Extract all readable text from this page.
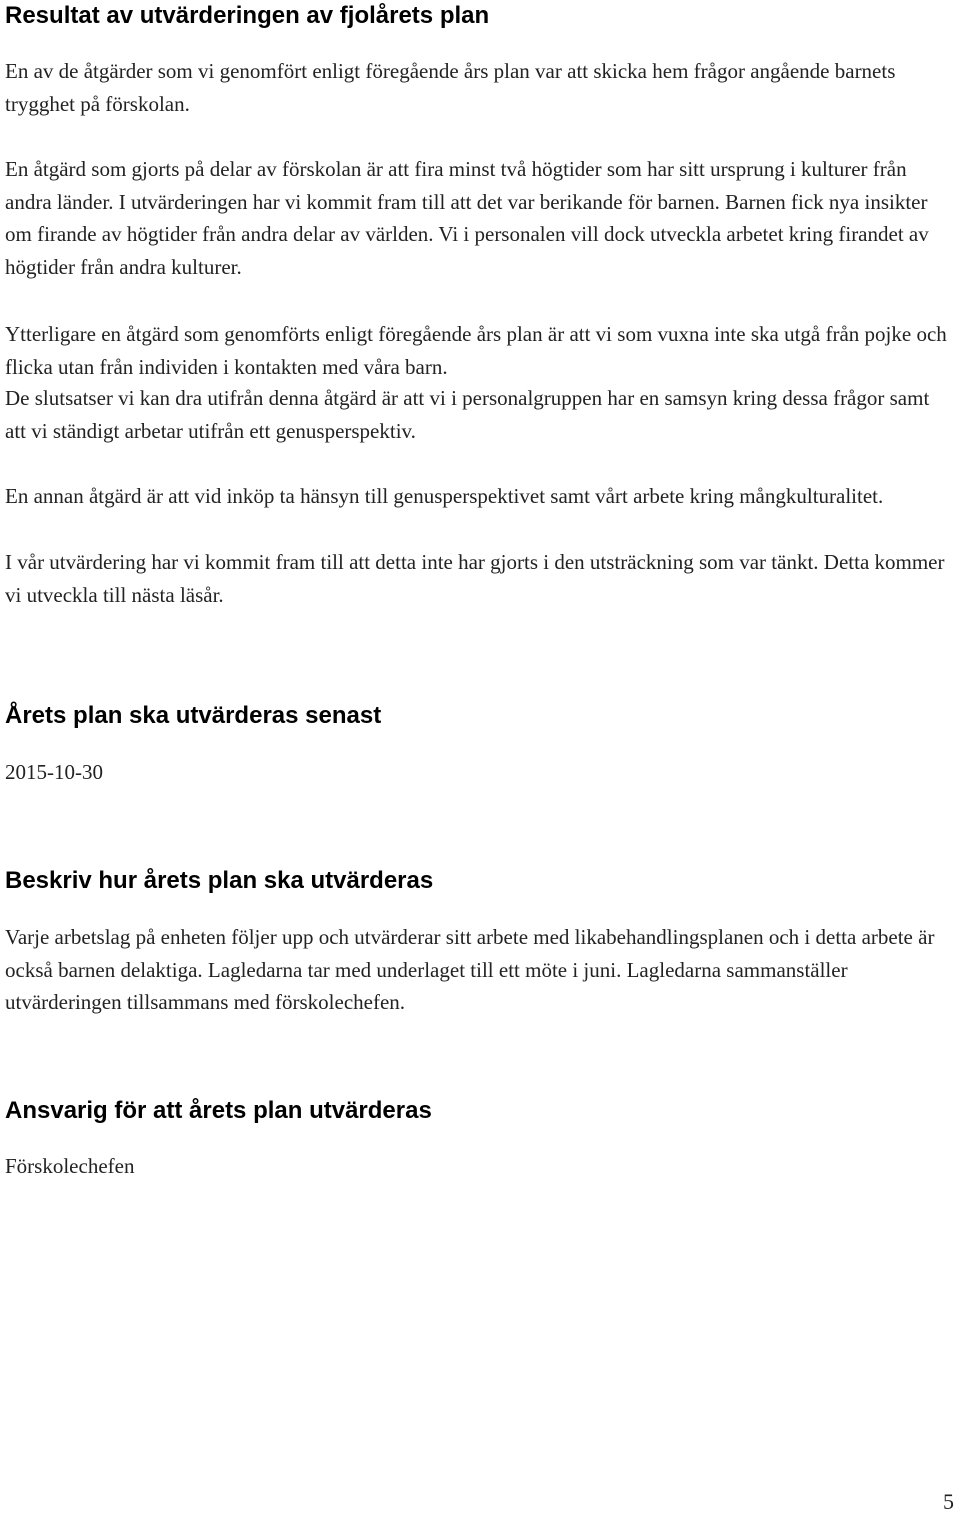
Resultat av utvärderingen av fjolårets plan

En av de åtgärder som vi genomfört enligt föregående års plan var att skicka hem frågor angående barnets trygghet på förskolan.

En åtgärd som gjorts på delar av förskolan är att fira minst två högtider som har sitt ursprung i kulturer från andra länder. I utvärderingen har vi kommit fram till att det var berikande för barnen. Barnen fick nya insikter om firande av högtider från andra delar av världen. Vi i personalen vill dock utveckla arbetet kring firandet av högtider från andra kulturer.

Ytterligare en åtgärd som genomförts enligt föregående års plan är att vi som vuxna inte ska utgå från pojke och flicka utan från individen i kontakten med våra barn.

De slutsatser vi kan dra utifrån denna åtgärd är att vi i personalgruppen har en samsyn kring dessa frågor samt att vi ständigt arbetar utifrån ett genusperspektiv.

En annan åtgärd är att vid inköp ta hänsyn till genusperspektivet samt vårt arbete kring mångkulturalitet.

I vår utvärdering har vi kommit fram till att detta inte har gjorts i den utsträckning som var tänkt. Detta kommer vi utveckla till nästa läsår.

Årets plan ska utvärderas senast

2015-10-30

Beskriv hur årets plan ska utvärderas

Varje arbetslag på enheten följer upp och utvärderar sitt arbete med likabehandlingsplanen och i detta arbete är också barnen delaktiga. Lagledarna tar med underlaget till ett möte i juni. Lagledarna sammanställer utvärderingen tillsammans med förskolechefen.

Ansvarig för att årets plan utvärderas

Förskolechefen

5
